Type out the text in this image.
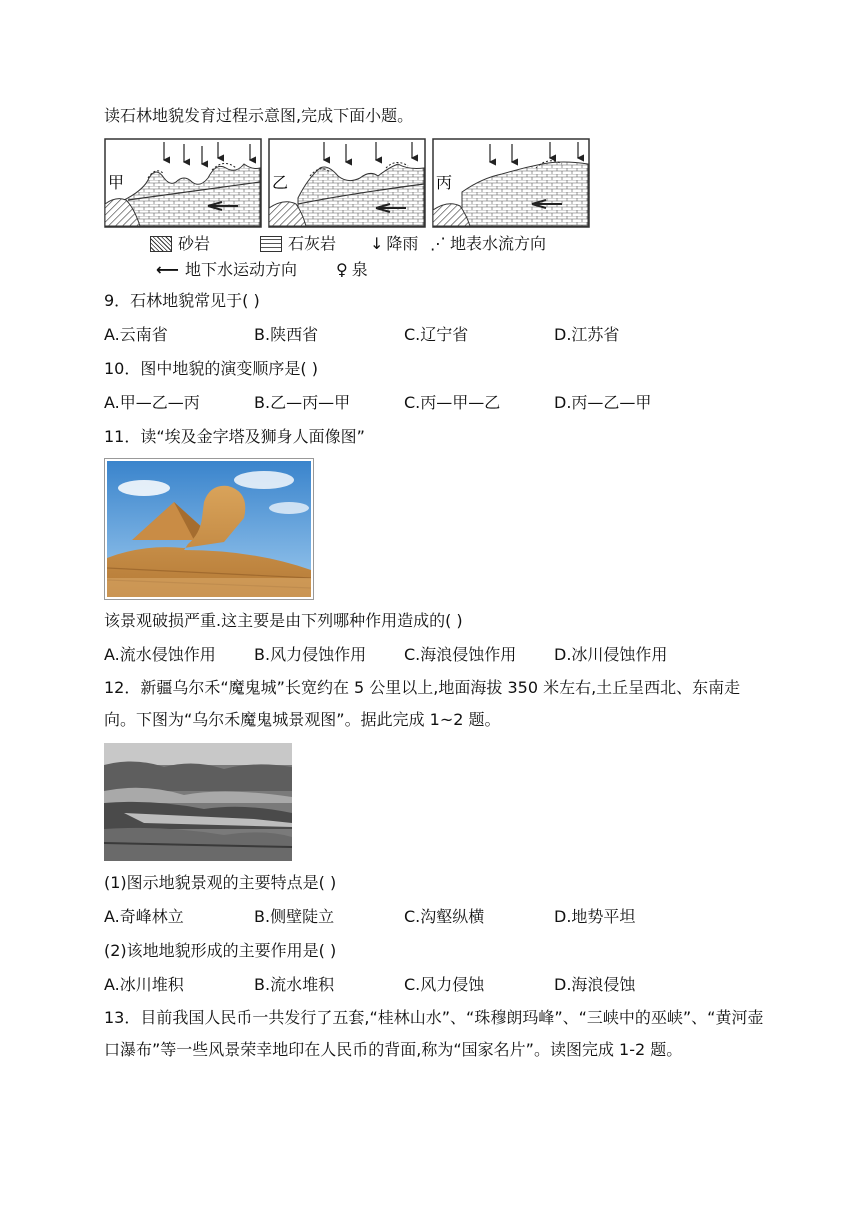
读石林地貌发育过程示意图,完成下面小题。
甲	乙	丙
砂岩	石灰岩 ↓ 降雨 ⋰ 地表水流方向
⟵ 地下水运动方向 ♀ 泉
9．石林地貌常见于( )
A.云南省	B.陕西省	C.辽宁省	D.江苏省
10．图中地貌的演变顺序是( )
A.甲—乙—丙	B.乙—丙—甲	C.丙—甲—乙	D.丙—乙—甲
11．读“埃及金字塔及狮身人面像图”
该景观破损严重.这主要是由下列哪种作用造成的( )
A.流水侵蚀作用 B.风力侵蚀作用 C.海浪侵蚀作用 D.冰川侵蚀作用
12．新疆乌尔禾“魔鬼城”长宽约在 5 公里以上,地面海拔 350 米左右,土丘呈西北、东南走向。下图为“乌尔禾魔鬼城景观图”。据此完成 1~2 题。
(1)图示地貌景观的主要特点是( )
A.奇峰林立	B.侧壁陡立	C.沟壑纵横	D.地势平坦
(2)该地地貌形成的主要作用是( )
A.冰川堆积	B.流水堆积	C.风力侵蚀	D.海浪侵蚀
13．目前我国人民币一共发行了五套,“桂林山水”、“珠穆朗玛峰”、“三峡中的巫峡”、“黄河壶口瀑布”等一些风景荣幸地印在人民币的背面,称为“国家名片”。读图完成 1-2 题。
